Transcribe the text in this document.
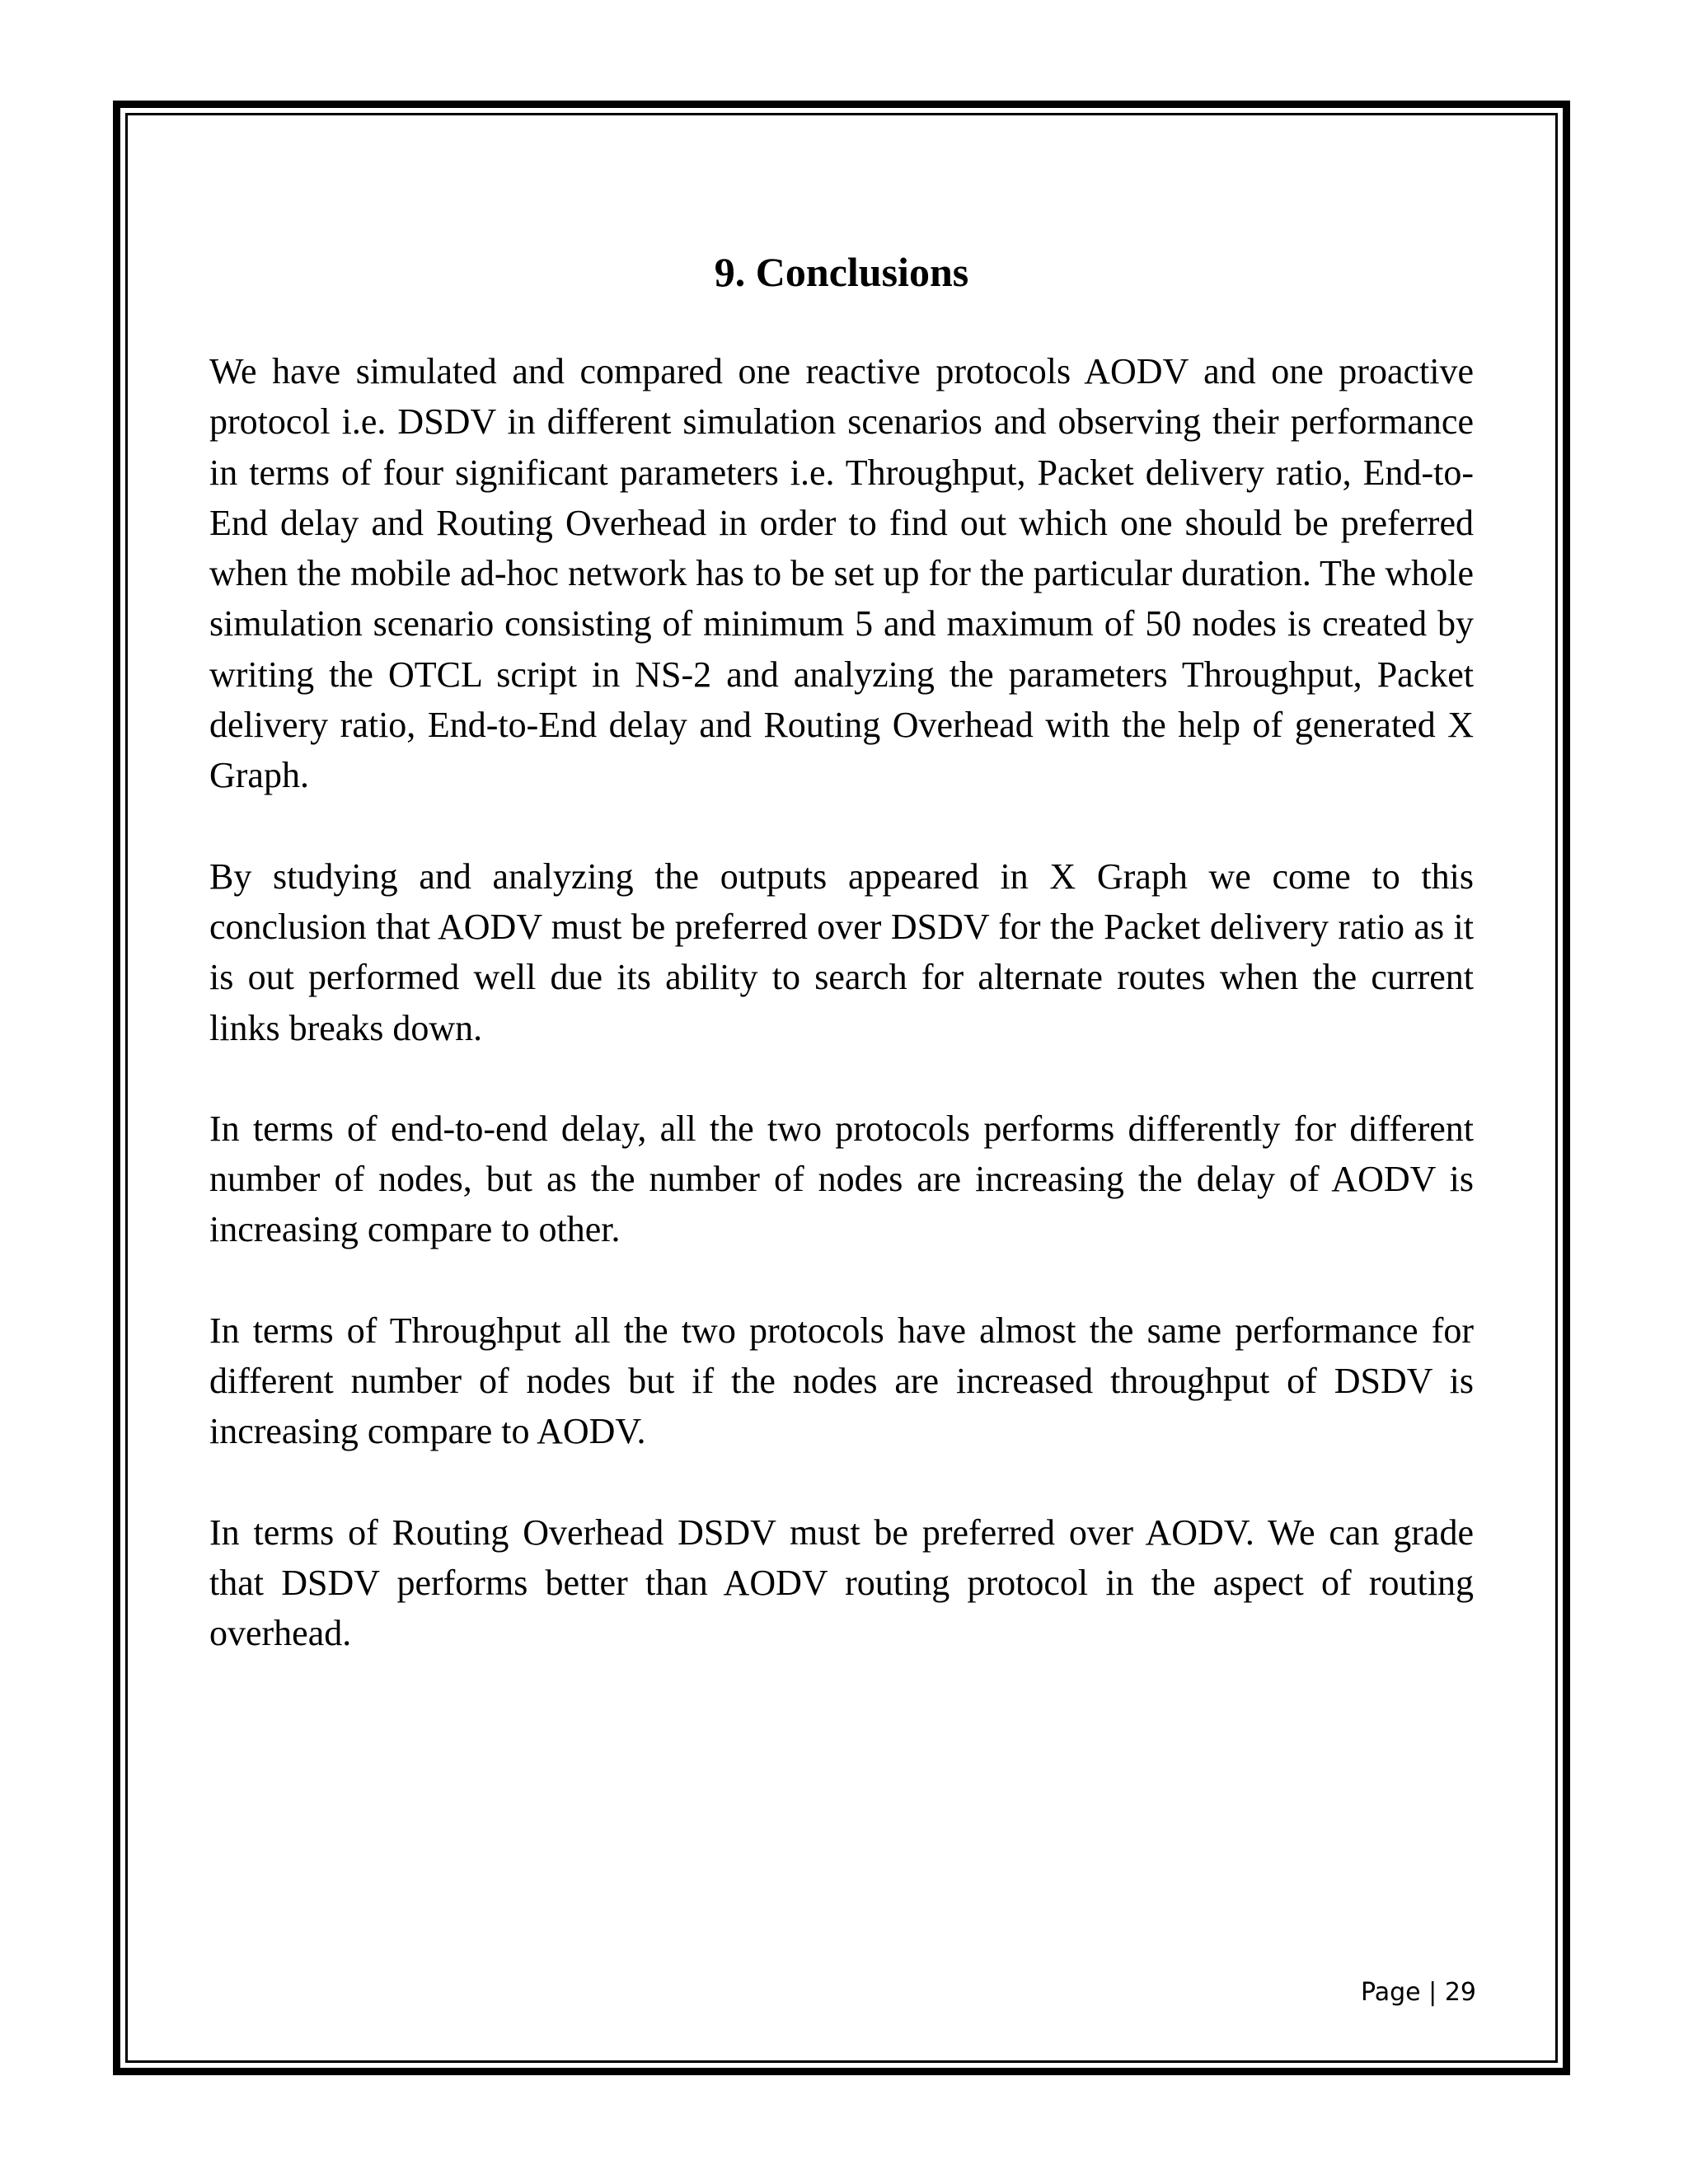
9. Conclusions

We have simulated and compared one reactive protocols AODV and one proactive protocol i.e. DSDV in different simulation scenarios and observing their performance in terms of four significant parameters i.e. Throughput, Packet delivery ratio, End-to-End delay and Routing Overhead in order to find out which one should be preferred when the mobile ad-hoc network has to be set up for the particular duration. The whole simulation scenario consisting of minimum 5 and maximum of 50 nodes is created by writing the OTCL script in NS-2 and analyzing the parameters Throughput, Packet delivery ratio, End-to-End delay and Routing Overhead with the help of generated X Graph.

By studying and analyzing the outputs appeared in X Graph we come to this conclusion that AODV must be preferred over DSDV for the Packet delivery ratio as it is out performed well due its ability to search for alternate routes when the current links breaks down.

In terms of end-to-end delay, all the two protocols performs differently for different number of nodes, but as the number of nodes are increasing the delay of AODV is increasing compare to other.

In terms of Throughput all the two protocols have almost the same performance for different number of nodes but if the nodes are increased throughput of DSDV is increasing compare to AODV.

In terms of Routing Overhead DSDV must be preferred over AODV. We can grade that DSDV performs better than AODV routing protocol in the aspect of routing overhead.

Page | 29
